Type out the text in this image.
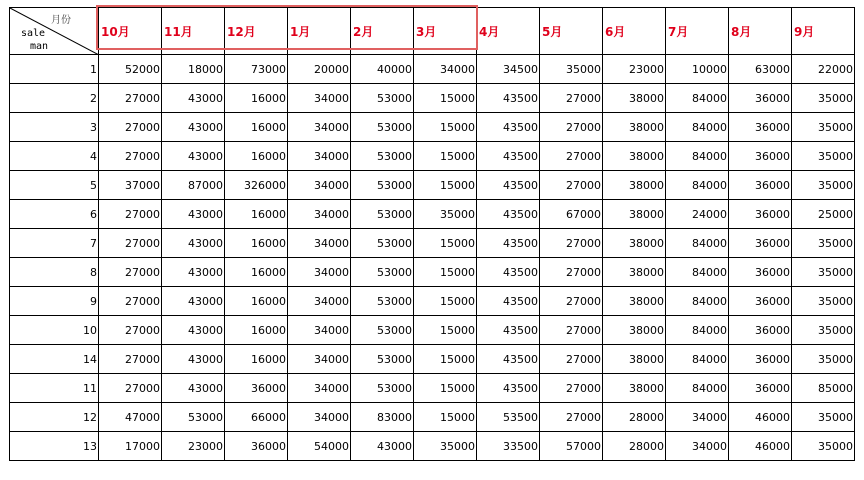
月份
sale
man	10月	11月	12月	1月	2月	3月	4月	5月	6月	7月	8月	9月
1	52000	18000	73000	20000	40000	34000	34500	35000	23000	10000	63000	22000
2	27000	43000	16000	34000	53000	15000	43500	27000	38000	84000	36000	35000
3	27000	43000	16000	34000	53000	15000	43500	27000	38000	84000	36000	35000
4	27000	43000	16000	34000	53000	15000	43500	27000	38000	84000	36000	35000
5	37000	87000	326000	34000	53000	15000	43500	27000	38000	84000	36000	35000
6	27000	43000	16000	34000	53000	35000	43500	67000	38000	24000	36000	25000
7	27000	43000	16000	34000	53000	15000	43500	27000	38000	84000	36000	35000
8	27000	43000	16000	34000	53000	15000	43500	27000	38000	84000	36000	35000
9	27000	43000	16000	34000	53000	15000	43500	27000	38000	84000	36000	35000
10	27000	43000	16000	34000	53000	15000	43500	27000	38000	84000	36000	35000
14	27000	43000	16000	34000	53000	15000	43500	27000	38000	84000	36000	35000
11	27000	43000	36000	34000	53000	15000	43500	27000	38000	84000	36000	85000
12	47000	53000	66000	34000	83000	15000	53500	27000	28000	34000	46000	35000
13	17000	23000	36000	54000	43000	35000	33500	57000	28000	34000	46000	35000
